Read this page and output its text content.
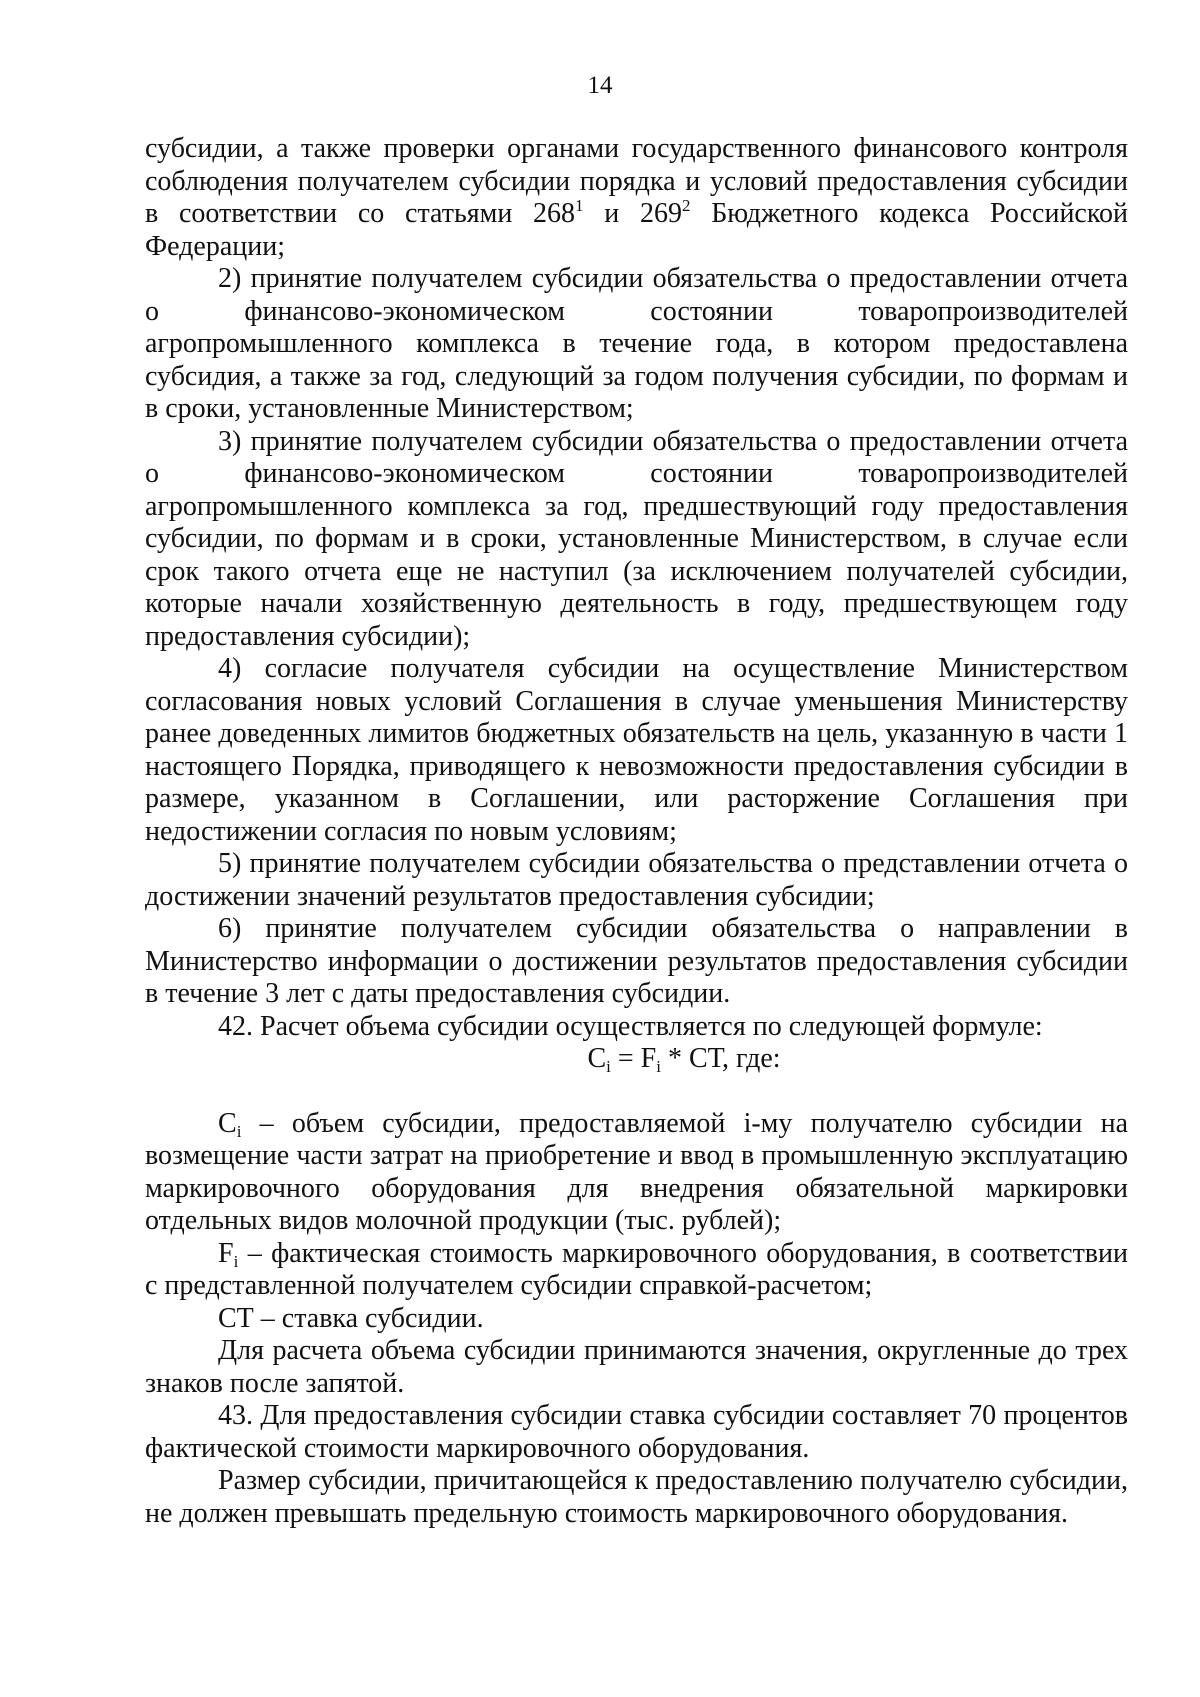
14

субсидии, а также проверки органами государственного финансового контроля соблюдения получателем субсидии порядка и условий предоставления субсидии в соответствии со статьями $268^1$ и $269^2$ Бюджетного кодекса Российской Федерации;

2) принятие получателем субсидии обязательства о предоставлении отчета о финансово-экономическом состоянии товаропроизводителей агропромышленного комплекса в течение года, в котором предоставлена субсидия, а также за год, следующий за годом получения субсидии, по формам и в сроки, установленные Министерством;

3) принятие получателем субсидии обязательства о предоставлении отчета о финансово-экономическом состоянии товаропроизводителей агропромышленного комплекса за год, предшествующий году предоставления субсидии, по формам и в сроки, установленные Министерством, в случае если срок такого отчета еще не наступил (за исключением получателей субсидии, которые начали хозяйственную деятельность в году, предшествующем году предоставления субсидии);

4) согласие получателя субсидии на осуществление Министерством согласования новых условий Соглашения в случае уменьшения Министерству ранее доведенных лимитов бюджетных обязательств на цель, указанную в части 1 настоящего Порядка, приводящего к невозможности предоставления субсидии в размере, указанном в Соглашении, или расторжение Соглашения при недостижении согласия по новым условиям;

5) принятие получателем субсидии обязательства о представлении отчета о достижении значений результатов предоставления субсидии;

6) принятие получателем субсидии обязательства о направлении в Министерство информации о достижении результатов предоставления субсидии в течение 3 лет с даты предоставления субсидии.

42. Расчет объема субсидии осуществляется по следующей формуле:

$C_i = F_i$ * СТ, где:

$C_i$ – объем субсидии, предоставляемой i-му получателю субсидии на возмещение части затрат на приобретение и ввод в промышленную эксплуатацию маркировочного оборудования для внедрения обязательной маркировки отдельных видов молочной продукции (тыс. рублей);

$F_i$ – фактическая стоимость маркировочного оборудования, в соответствии с представленной получателем субсидии справкой-расчетом;

СТ – ставка субсидии.

Для расчета объема субсидии принимаются значения, округленные до трех знаков после запятой.

43. Для предоставления субсидии ставка субсидии составляет 70 процентов фактической стоимости маркировочного оборудования.

Размер субсидии, причитающейся к предоставлению получателю субсидии, не должен превышать предельную стоимость маркировочного оборудования.
